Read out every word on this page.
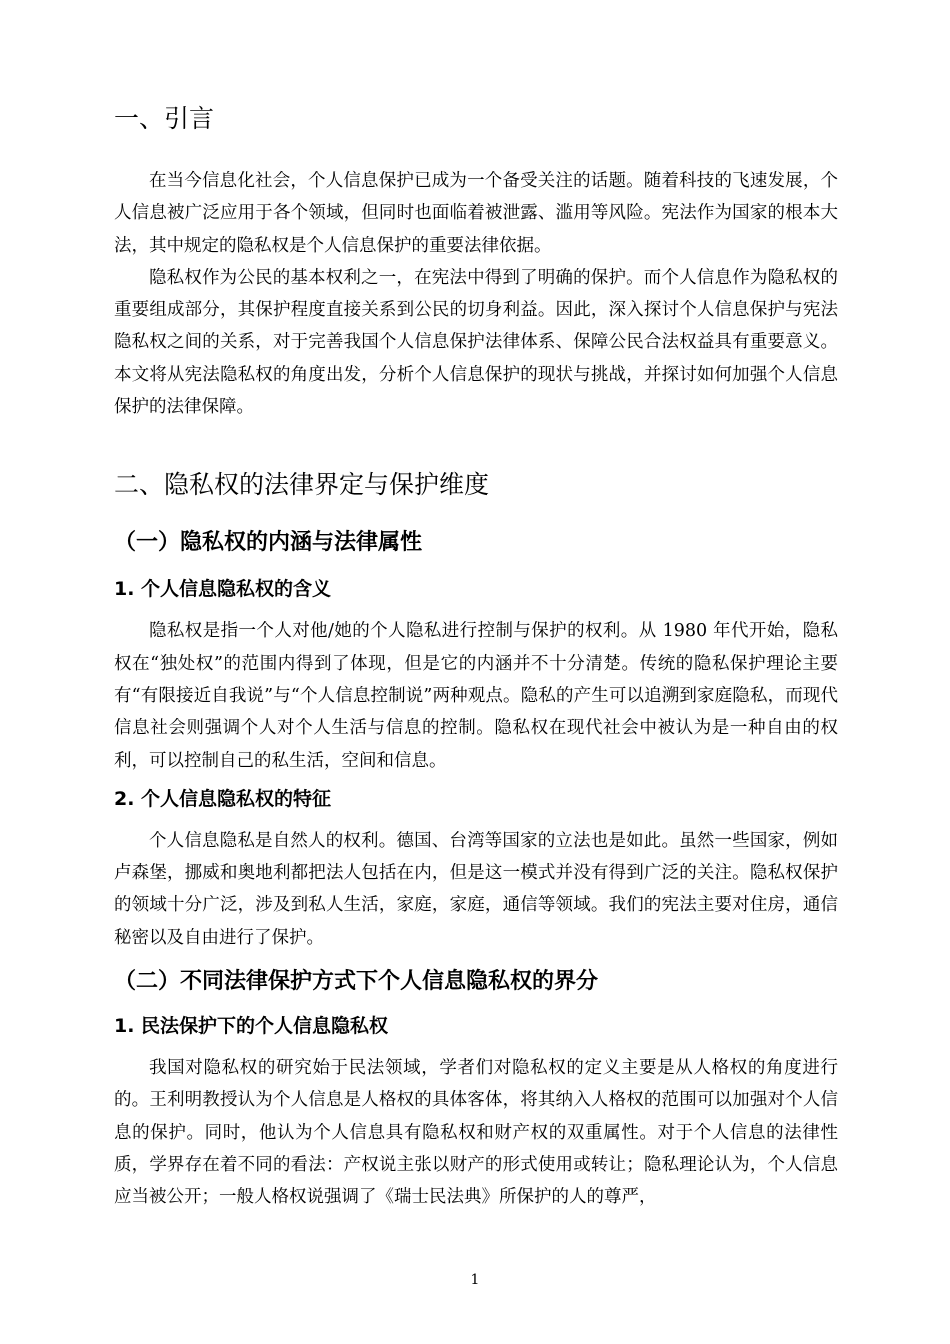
一、引言

在当今信息化社会，个人信息保护已成为一个备受关注的话题。随着科技的飞速发展，个人信息被广泛应用于各个领域，但同时也面临着被泄露、滥用等风险。宪法作为国家的根本大法，其中规定的隐私权是个人信息保护的重要法律依据。

隐私权作为公民的基本权利之一，在宪法中得到了明确的保护。而个人信息作为隐私权的重要组成部分，其保护程度直接关系到公民的切身利益。因此，深入探讨个人信息保护与宪法隐私权之间的关系，对于完善我国个人信息保护法律体系、保障公民合法权益具有重要意义。本文将从宪法隐私权的角度出发，分析个人信息保护的现状与挑战，并探讨如何加强个人信息保护的法律保障。

二、隐私权的法律界定与保护维度
（一）隐私权的内涵与法律属性
1. 个人信息隐私权的含义

隐私权是指一个人对他/她的个人隐私进行控制与保护的权利。从 1980 年代开始，隐私权在“独处权”的范围内得到了体现，但是它的内涵并不十分清楚。传统的隐私保护理论主要有“有限接近自我说”与“个人信息控制说”两种观点。隐私的产生可以追溯到家庭隐私，而现代信息社会则强调个人对个人生活与信息的控制。隐私权在现代社会中被认为是一种自由的权利，可以控制自己的私生活，空间和信息。

2. 个人信息隐私权的特征

个人信息隐私是自然人的权利。德国、台湾等国家的立法也是如此。虽然一些国家，例如卢森堡，挪威和奥地利都把法人包括在内，但是这一模式并没有得到广泛的关注。隐私权保护的领域十分广泛，涉及到私人生活，家庭，家庭，通信等领域。我们的宪法主要对住房，通信秘密以及自由进行了保护。

（二）不同法律保护方式下个人信息隐私权的界分
1. 民法保护下的个人信息隐私权

我国对隐私权的研究始于民法领域，学者们对隐私权的定义主要是从人格权的角度进行的。王利明教授认为个人信息是人格权的具体客体，将其纳入人格权的范围可以加强对个人信息的保护。同时，他认为个人信息具有隐私权和财产权的双重属性。对于个人信息的法律性质，学界存在着不同的看法：产权说主张以财产的形式使用或转让；隐私理论认为，个人信息应当被公开；一般人格权说强调了《瑞士民法典》所保护的人的尊严，

1
